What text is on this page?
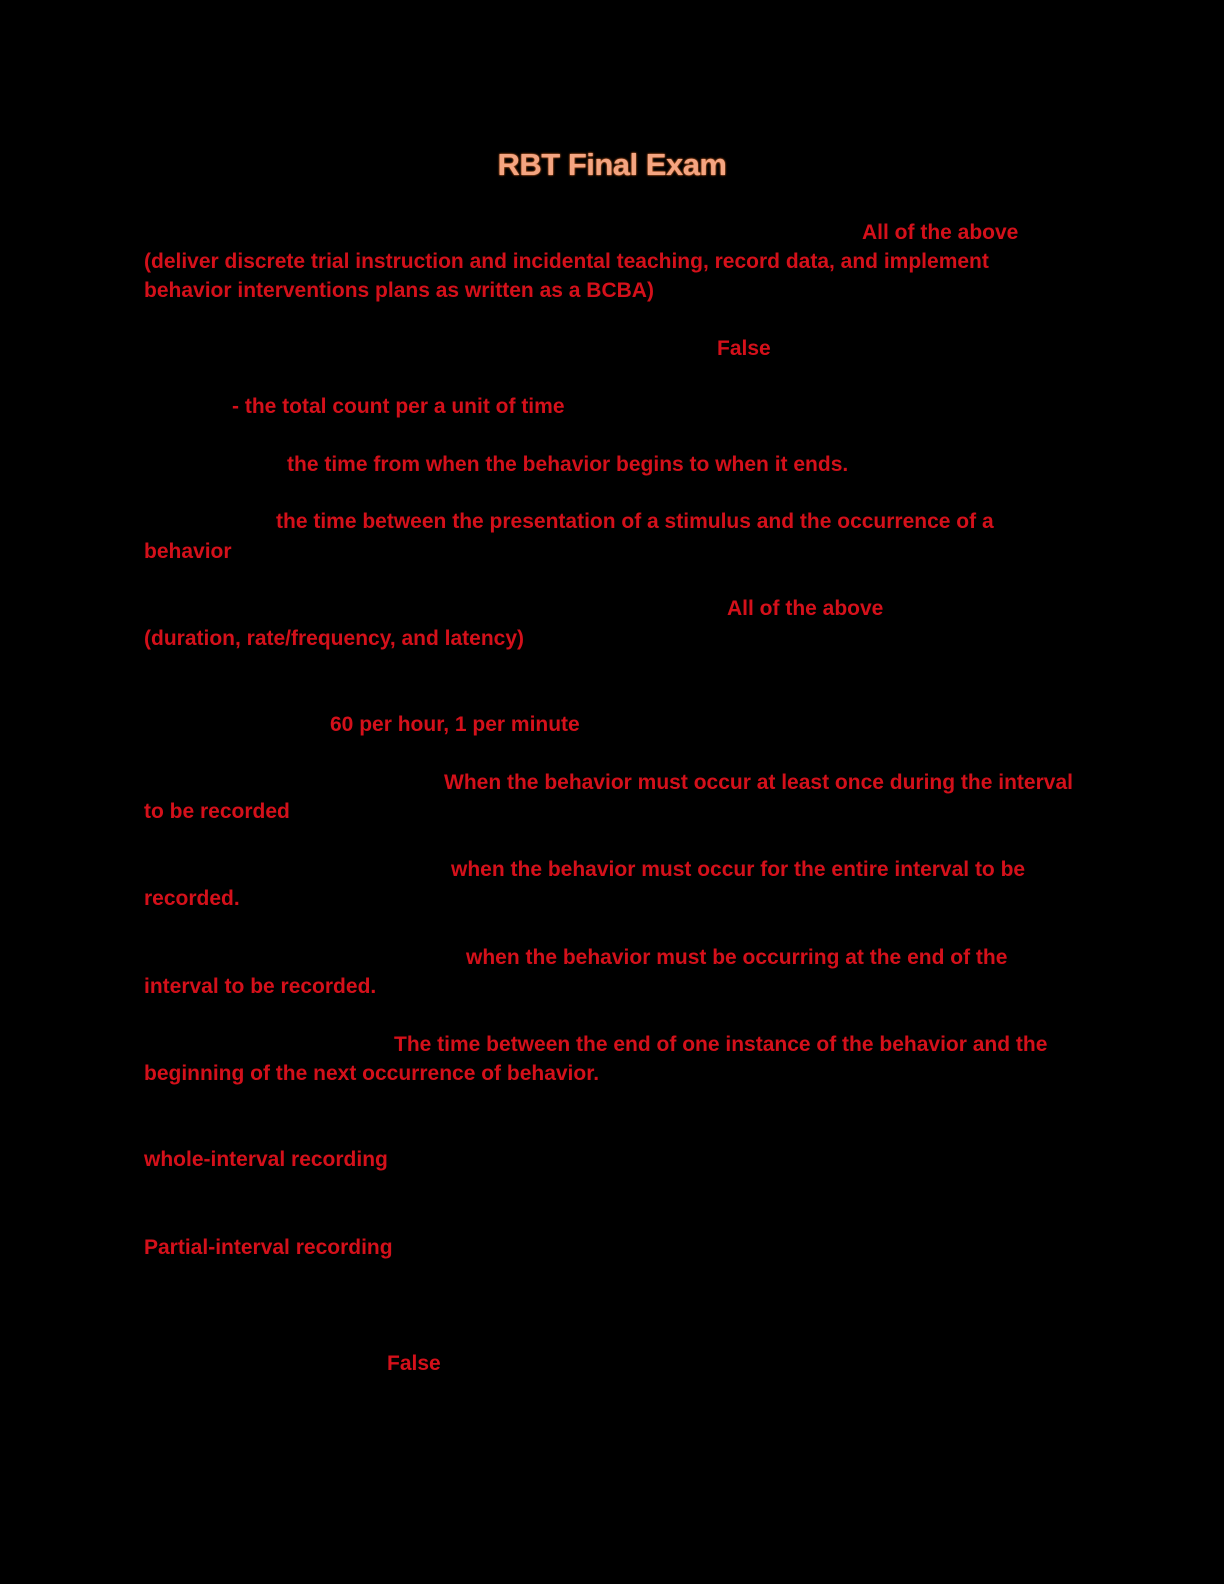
RBT Final Exam
All of the above
(deliver discrete trial instruction and incidental teaching, record data, and implement
behavior interventions plans as written as a BCBA)
False
- the total count per a unit of time
the time from when the behavior begins to when it ends.
the time between the presentation of a stimulus and the occurrence of a
behavior
All of the above
(duration, rate/frequency, and latency)
60 per hour, 1 per minute
When the behavior must occur at least once during the interval
to be recorded
when the behavior must occur for the entire interval to be
recorded.
when the behavior must be occurring at the end of the
interval to be recorded.
The time between the end of one instance of the behavior and the
beginning of the next occurrence of behavior.
whole-interval recording
Partial-interval recording
False
